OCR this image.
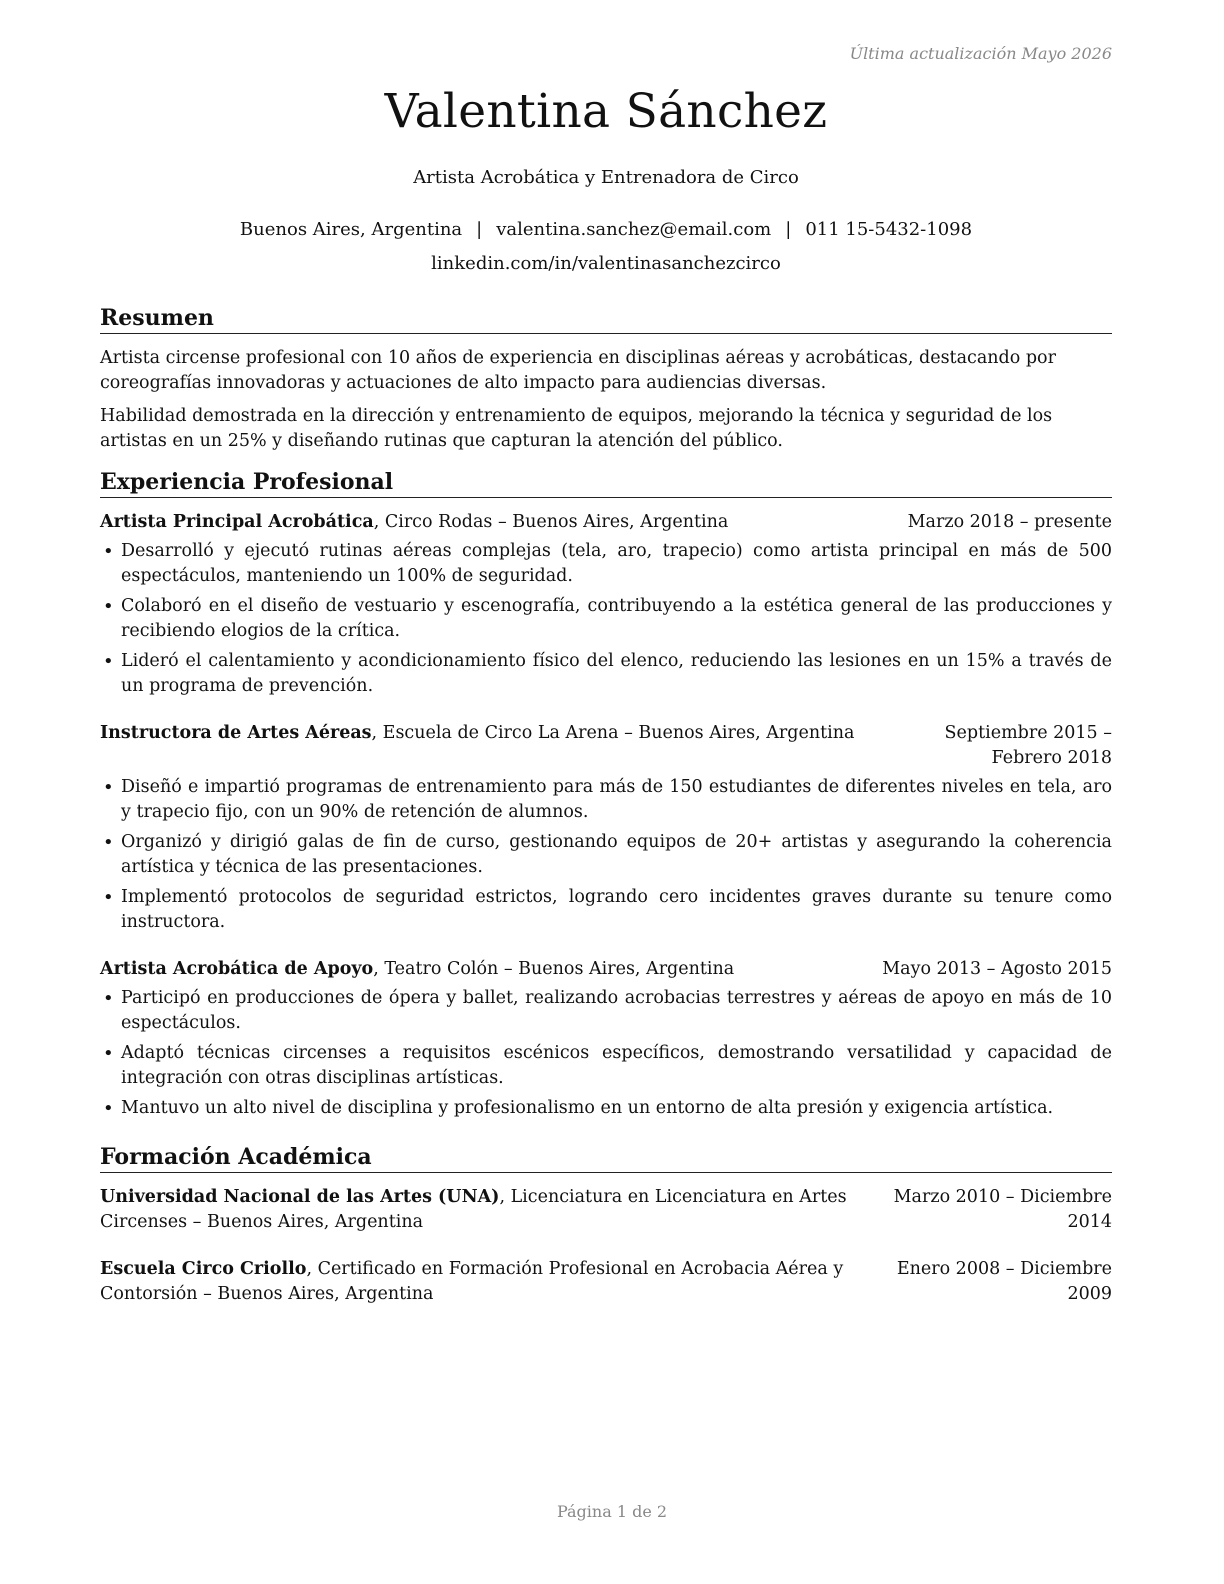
Última actualización Mayo 2026
Valentina Sánchez
Artista Acrobática y Entrenadora de Circo
Buenos Aires, Argentina | valentina.sanchez@email.com | 011 15-5432-1098
linkedin.com/in/valentinasanchezcirco
Resumen

Artista circense profesional con 10 años de experiencia en disciplinas aéreas y acrobáticas, destacando por coreografías innovadoras y actuaciones de alto impacto para audiencias diversas.

Habilidad demostrada en la dirección y entrenamiento de equipos, mejorando la técnica y seguridad de los artistas en un 25% y diseñando rutinas que capturan la atención del público.

Experiencia Profesional
Artista Principal Acrobática, Circo Rodas – Buenos Aires, Argentina	Marzo 2018 – presente
• Desarrolló y ejecutó rutinas aéreas complejas (tela, aro, trapecio) como artista principal en más de 500 espectáculos, manteniendo un 100% de seguridad.
• Colaboró en el diseño de vestuario y escenografía, contribuyendo a la estética general de las producciones y recibiendo elogios de la crítica.
• Lideró el calentamiento y acondicionamiento físico del elenco, reduciendo las lesiones en un 15% a través de un programa de prevención.
Instructora de Artes Aéreas, Escuela de Circo La Arena – Buenos Aires, Argentina	Septiembre 2015 – Febrero 2018
• Diseñó e impartió programas de entrenamiento para más de 150 estudiantes de diferentes niveles en tela, aro y trapecio fijo, con un 90% de retención de alumnos.
• Organizó y dirigió galas de fin de curso, gestionando equipos de 20+ artistas y asegurando la coherencia artística y técnica de las presentaciones.
• Implementó protocolos de seguridad estrictos, logrando cero incidentes graves durante su tenure como instructora.
Artista Acrobática de Apoyo, Teatro Colón – Buenos Aires, Argentina	Mayo 2013 – Agosto 2015
• Participó en producciones de ópera y ballet, realizando acrobacias terrestres y aéreas de apoyo en más de 10 espectáculos.
• Adaptó técnicas circenses a requisitos escénicos específicos, demostrando versatilidad y capacidad de integración con otras disciplinas artísticas.
• Mantuvo un alto nivel de disciplina y profesionalismo en un entorno de alta presión y exigencia artística.
Formación Académica
Universidad Nacional de las Artes (UNA), Licenciatura en Licenciatura en Artes Circenses – Buenos Aires, Argentina
Marzo 2010 – Diciembre 2014
Escuela Circo Criollo, Certificado en Formación Profesional en Acrobacia Aérea y Contorsión – Buenos Aires, Argentina
Enero 2008 – Diciembre 2009
Página 1 de 2
